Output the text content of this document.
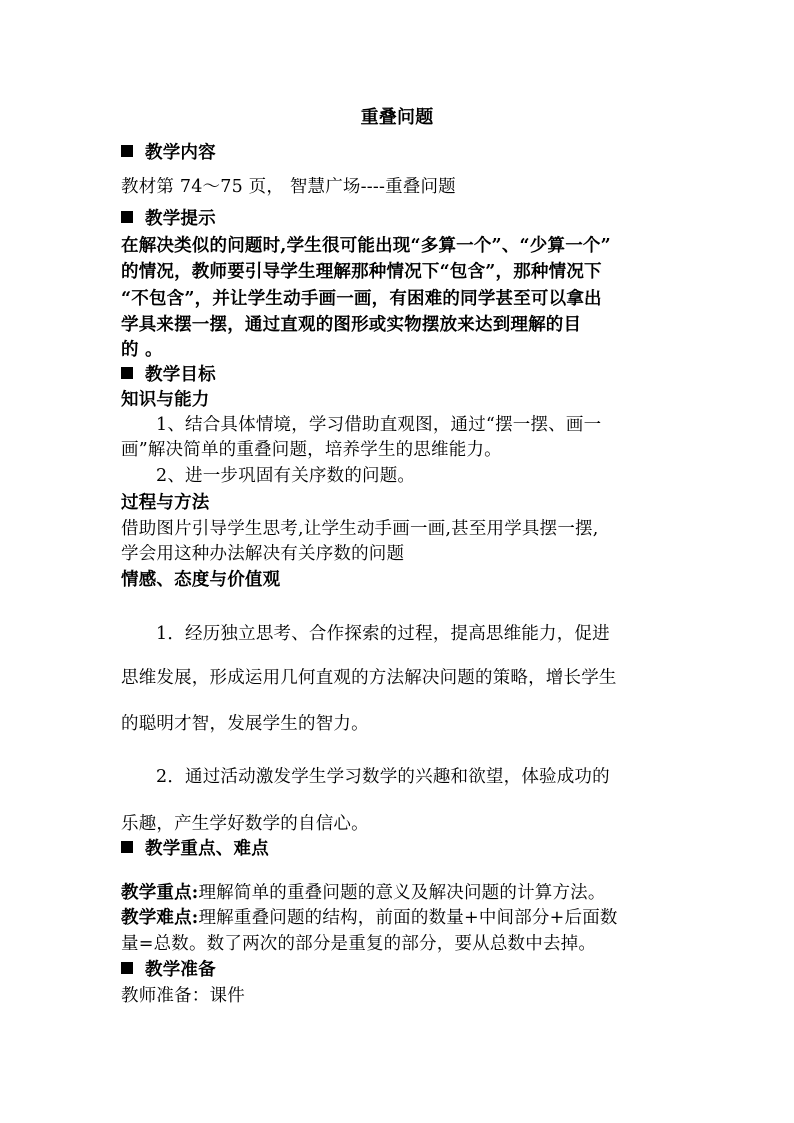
重叠问题
教学内容
教材第 74～75 页， 智慧广场----重叠问题
教学提示
在解决类似的问题时,学生很可能出现“多算一个”、“少算一个”
的情况，教师要引导学生理解那种情况下“包含”，那种情况下
“不包含”，并让学生动手画一画，有困难的同学甚至可以拿出
学具来摆一摆，通过直观的图形或实物摆放来达到理解的目
的 。
教学目标
知识与能力
1、结合具体情境，学习借助直观图，通过“摆一摆、画一
画”解决简单的重叠问题，培养学生的思维能力。
2、进一步巩固有关序数的问题。
过程与方法
借助图片引导学生思考,让学生动手画一画,甚至用学具摆一摆,
学会用这种办法解决有关序数的问题
情感、态度与价值观
1．经历独立思考、合作探索的过程，提高思维能力，促进
思维发展，形成运用几何直观的方法解决问题的策略，增长学生
的聪明才智，发展学生的智力。
2．通过活动激发学生学习数学的兴趣和欲望，体验成功的
乐趣，产生学好数学的自信心。
教学重点、难点
教学重点:理解简单的重叠问题的意义及解决问题的计算方法。
教学难点:理解重叠问题的结构，前面的数量+中间部分+后面数
量=总数。数了两次的部分是重复的部分，要从总数中去掉。
教学准备
教师准备：课件
